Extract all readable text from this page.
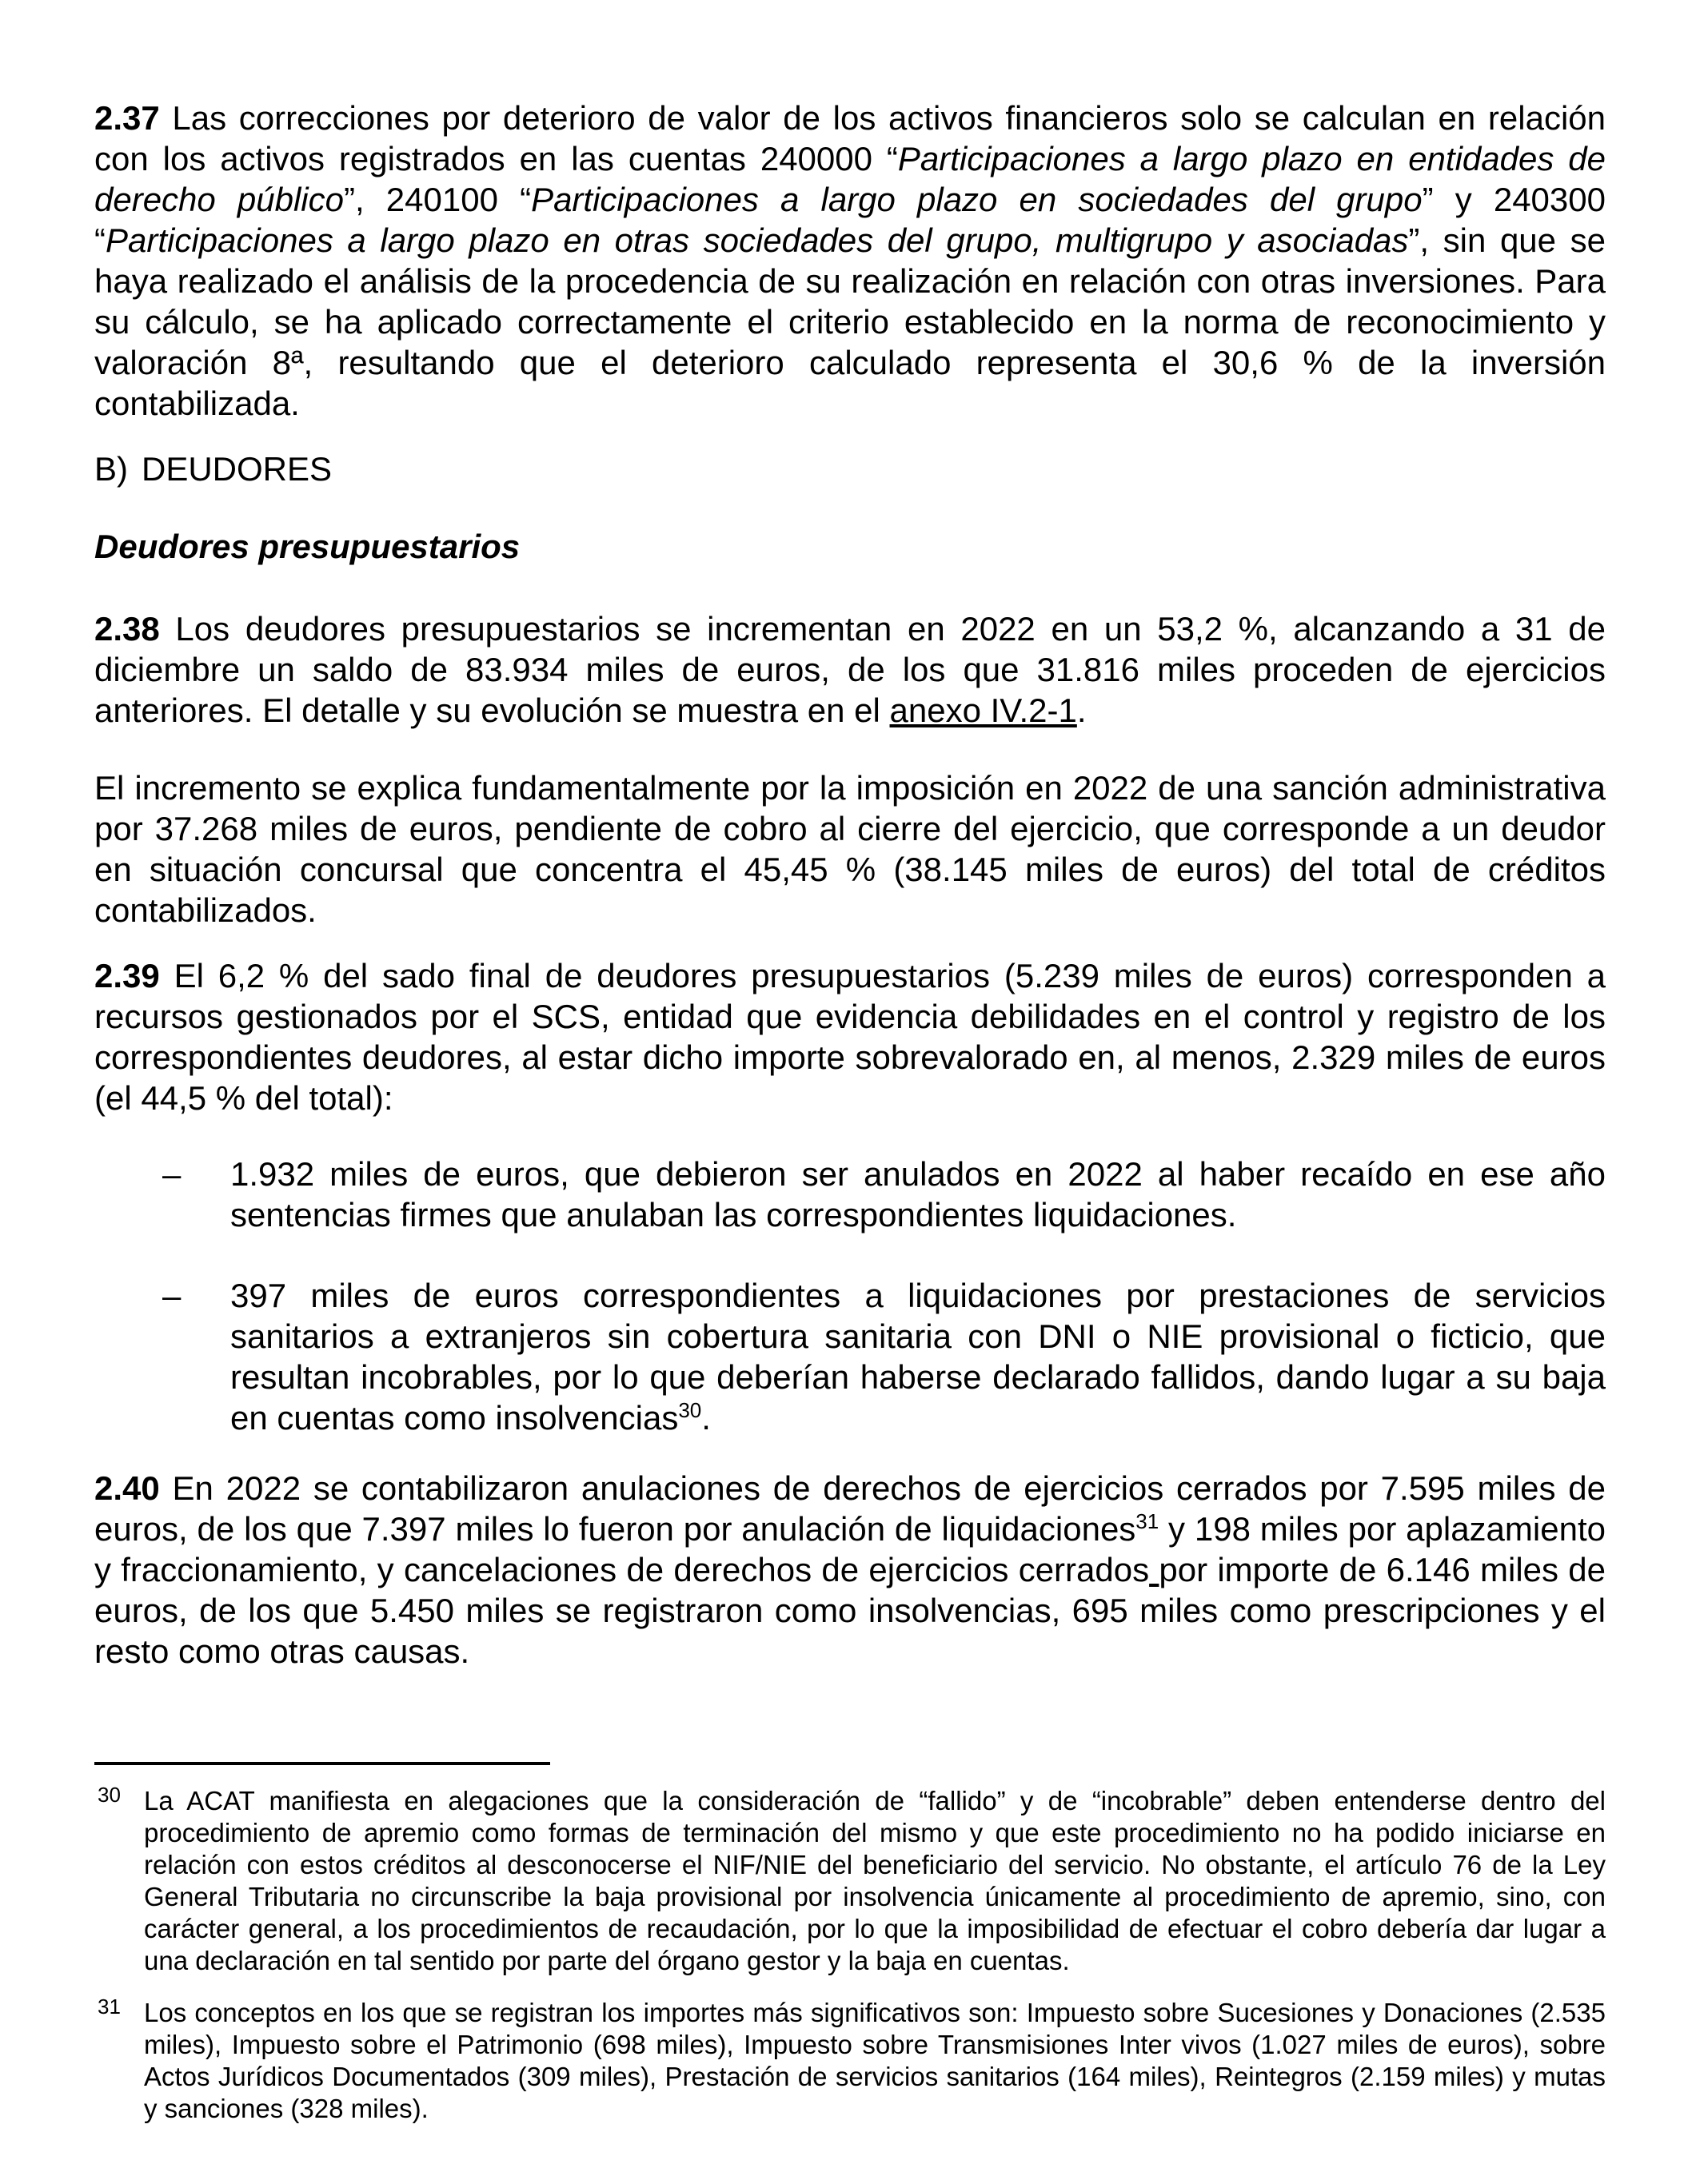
2.37 Las correcciones por deterioro de valor de los activos financieros solo se calculan en relación con los activos registrados en las cuentas 240000 “Participaciones a largo plazo en entidades de derecho público”, 240100 “Participaciones a largo plazo en sociedades del grupo” y 240300 “Participaciones a largo plazo en otras sociedades del grupo, multigrupo y asociadas”, sin que se haya realizado el análisis de la procedencia de su realización en relación con otras inversiones. Para su cálculo, se ha aplicado correctamente el criterio establecido en la norma de reconocimiento y valoración 8ª, resultando que el deterioro calculado representa el 30,6 % de la inversión contabilizada.

B) DEUDORES

Deudores presupuestarios

2.38 Los deudores presupuestarios se incrementan en 2022 en un 53,2 %, alcanzando a 31 de diciembre un saldo de 83.934 miles de euros, de los que 31.816 miles proceden de ejercicios anteriores. El detalle y su evolución se muestra en el anexo IV.2-1.

El incremento se explica fundamentalmente por la imposición en 2022 de una sanción administrativa por 37.268 miles de euros, pendiente de cobro al cierre del ejercicio, que corresponde a un deudor en situación concursal que concentra el 45,45 % (38.145 miles de euros) del total de créditos contabilizados.

2.39 El 6,2 % del sado final de deudores presupuestarios (5.239 miles de euros) corresponden a recursos gestionados por el SCS, entidad que evidencia debilidades en el control y registro de los correspondientes deudores, al estar dicho importe sobrevalorado en, al menos, 2.329 miles de euros (el 44,5 % del total):

– 1.932 miles de euros, que debieron ser anulados en 2022 al haber recaído en ese año sentencias firmes que anulaban las correspondientes liquidaciones.
– 397 miles de euros correspondientes a liquidaciones por prestaciones de servicios sanitarios a extranjeros sin cobertura sanitaria con DNI o NIE provisional o ficticio, que resultan incobrables, por lo que deberían haberse declarado fallidos, dando lugar a su baja en cuentas como insolvencias$^{30}$.

2.40 En 2022 se contabilizaron anulaciones de derechos de ejercicios cerrados por 7.595 miles de euros, de los que 7.397 miles lo fueron por anulación de liquidaciones$^{31}$ y 198 miles por aplazamiento y fraccionamiento, y cancelaciones de derechos de ejercicios cerrados por importe de 6.146 miles de euros, de los que 5.450 miles se registraron como insolvencias, 695 miles como prescripciones y el resto como otras causas.

30 La ACAT manifiesta en alegaciones que la consideración de “fallido” y de “incobrable” deben entenderse dentro del procedimiento de apremio como formas de terminación del mismo y que este procedimiento no ha podido iniciarse en relación con estos créditos al desconocerse el NIF/NIE del beneficiario del servicio. No obstante, el artículo 76 de la Ley General Tributaria no circunscribe la baja provisional por insolvencia únicamente al procedimiento de apremio, sino, con carácter general, a los procedimientos de recaudación, por lo que la imposibilidad de efectuar el cobro debería dar lugar a una declaración en tal sentido por parte del órgano gestor y la baja en cuentas.
31 Los conceptos en los que se registran los importes más significativos son: Impuesto sobre Sucesiones y Donaciones (2.535 miles), Impuesto sobre el Patrimonio (698 miles), Impuesto sobre Transmisiones Inter vivos (1.027 miles de euros), sobre Actos Jurídicos Documentados (309 miles), Prestación de servicios sanitarios (164 miles), Reintegros (2.159 miles) y mutas y sanciones (328 miles).
